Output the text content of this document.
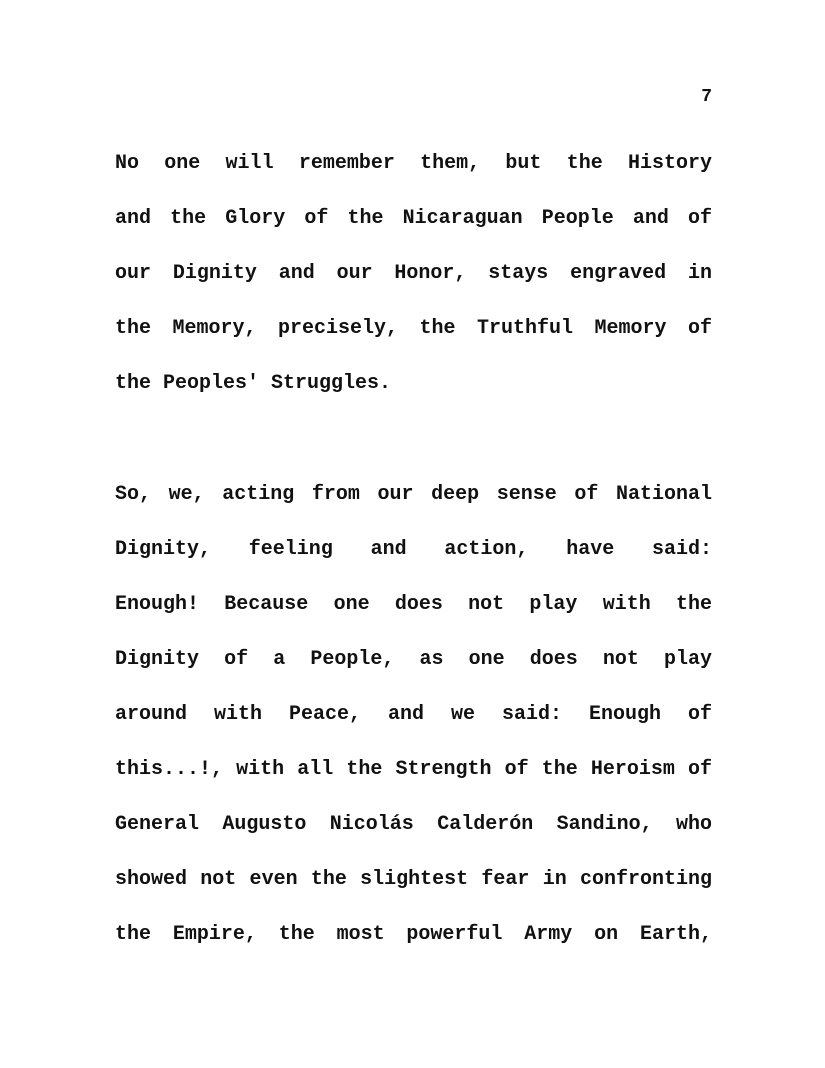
7

No one will remember them, but the History
and the Glory of the Nicaraguan People and of
our Dignity and our Honor, stays engraved in
the Memory, precisely, the Truthful Memory of
the Peoples' Struggles.

So, we, acting from our deep sense of National
Dignity, feeling and action, have said:
Enough! Because one does not play with the
Dignity of a People, as one does not play
around with Peace, and we said: Enough of
this...!, with all the Strength of the Heroism of
General Augusto Nicolás Calderón Sandino, who
showed not even the slightest fear in confronting
the Empire, the most powerful Army on Earth,
